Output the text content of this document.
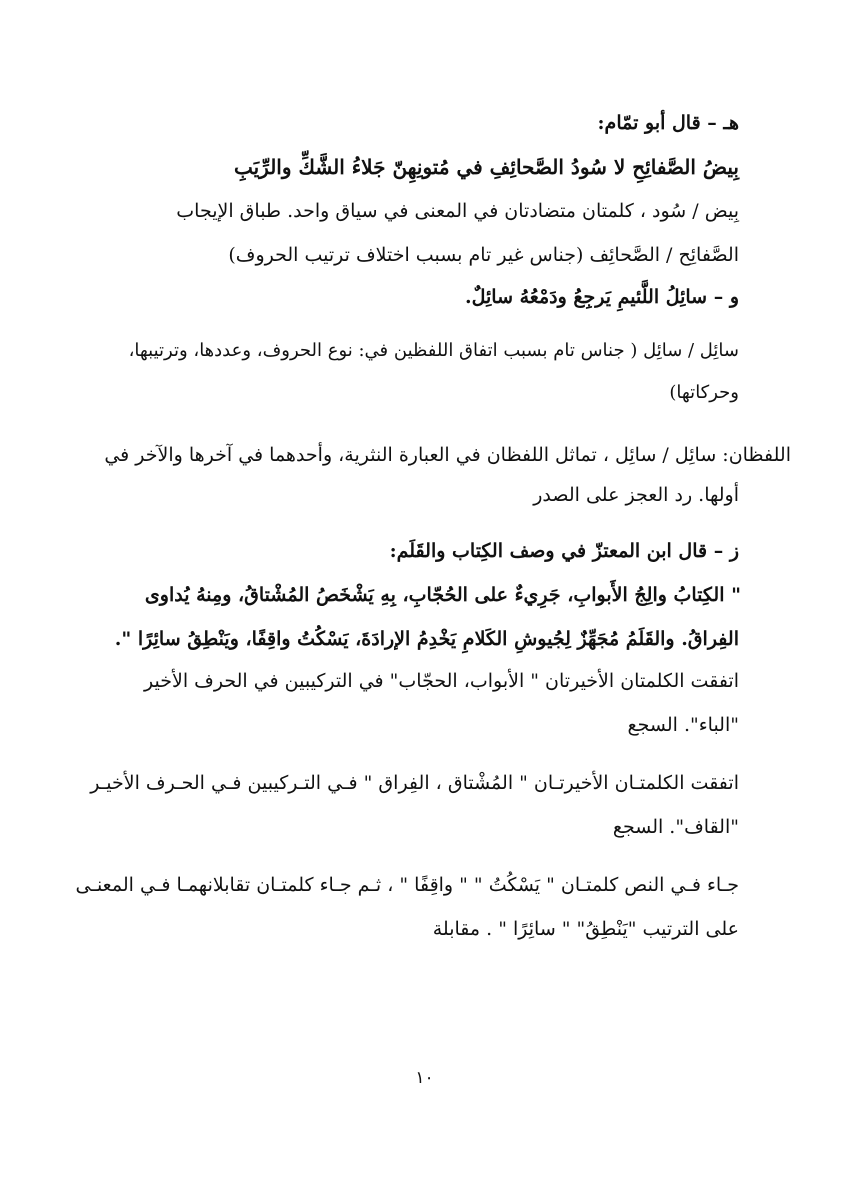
هـ – قال أبو تمّام:

بِيضُ الصَّفائِحِ لا سُودُ الصَّحائِفِ في مُتونِهِنّ جَلاءُ الشَّكِّ والرِّيَبِ

بِيض / سُود ، كلمتان متضادتان في المعنى في سياق واحد. طباق الإيجاب

الصَّفائِح / الصَّحائِف (جناس غير تام بسبب اختلاف ترتيب الحروف)

و – سائِلُ اللَّئيمِ يَرجِعُ ودَمْعُهُ سائِلٌ.

سائِل / سائِل ( جناس تام بسبب اتفاق اللفظين في: نوع الحروف، وعددها، وترتيبها،

وحركاتها)

اللفظان: سائِل / سائِل ، تماثل اللفظان في العبارة النثرية، وأحدهما في آخرها والآخر في

أولها. رد العجز على الصدر

ز – قال ابن المعتزّ في وصف الكِتاب والقَلَم:

" الكِتابُ والِجُ الأَبوابِ، جَرِيءٌ على الحُجّابِ، بِهِ يَشْخَصُ المُشْتاقُ، ومِنهُ يُداوى

الفِراقُ. والقَلَمُ مُجَهِّزٌ لِجُيوشِ الكَلامِ يَخْدِمُ الإرادَةَ، يَسْكُتُ واقِفًا، ويَنْطِقُ سائِرًا ".

اتفقت الكلمتان الأخيرتان " الأبواب، الحجّاب" في التركيبين في الحرف الأخير

"الباء". السجع

اتفقت الكلمتـان الأخيرتـان " المُشْتاق ، الفِراق " فـي التـركيبين فـي الحـرف الأخيـر

"القاف". السجع

جـاء فـي النص كلمتـان " يَسْكُتُ " " واقِفًا " ، ثـم جـاء كلمتـان تقابلانهمـا فـي المعنـى

على الترتيب "يَنْطِقُ" " سائِرًا " . مقابلة

١٠
